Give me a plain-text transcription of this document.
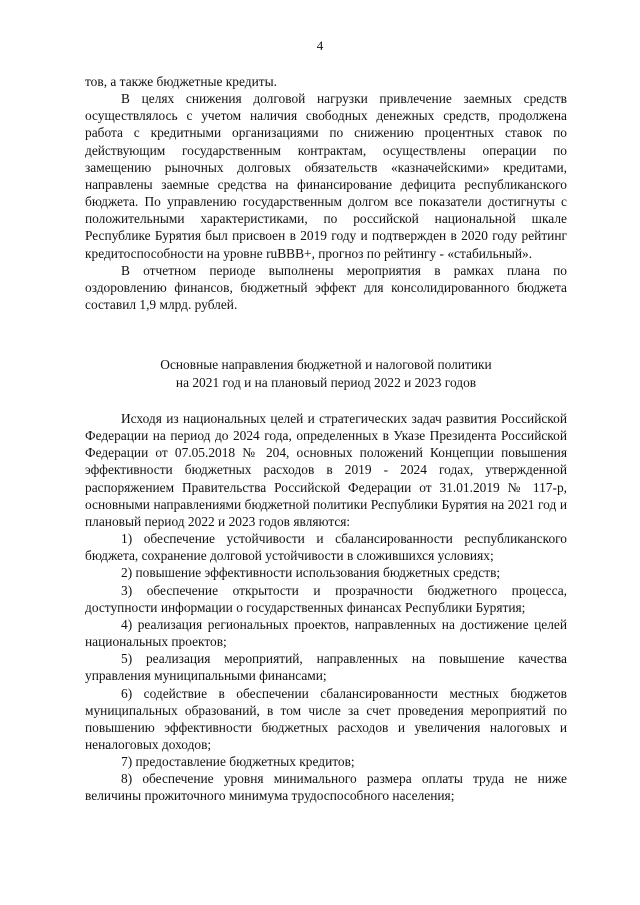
4

тов, а также бюджетные кредиты.

В целях снижения долговой нагрузки привлечение заемных средств осуществлялось с учетом наличия свободных денежных средств, продолжена работа с кредитными организациями по снижению процентных ставок по действующим государственным контрактам, осуществлены операции по замещению рыночных долговых обязательств «казначейскими» кредитами, направлены заемные средства на финансирование дефицита республиканского бюджета. По управлению государственным долгом все показатели достигнуты с положительными характеристиками, по российской национальной шкале Республике Бурятия был присвоен в 2019 году и подтвержден в 2020 году рейтинг кредитоспособности на уровне ruBBB+, прогноз по рейтингу - «стабильный».

В отчетном периоде выполнены мероприятия в рамках плана по оздоровлению финансов, бюджетный эффект для консолидированного бюджета составил 1,9 млрд. рублей.

Основные направления бюджетной и налоговой политики
на 2021 год и на плановый период 2022 и 2023 годов

Исходя из национальных целей и стратегических задач развития Российской Федерации на период до 2024 года, определенных в Указе Президента Российской Федерации от 07.05.2018 № 204, основных положений Концепции повышения эффективности бюджетных расходов в 2019 - 2024 годах, утвержденной распоряжением Правительства Российской Федерации от 31.01.2019 № 117-р, основными направлениями бюджетной политики Республики Бурятия на 2021 год и плановый период 2022 и 2023 годов являются:

1) обеспечение устойчивости и сбалансированности республиканского бюджета, сохранение долговой устойчивости в сложившихся условиях;

2) повышение эффективности использования бюджетных средств;

3) обеспечение открытости и прозрачности бюджетного процесса, доступности информации о государственных финансах Республики Бурятия;

4) реализация региональных проектов, направленных на достижение целей национальных проектов;

5) реализация мероприятий, направленных на повышение качества управления муниципальными финансами;

6) содействие в обеспечении сбалансированности местных бюджетов муниципальных образований, в том числе за счет проведения мероприятий по повышению эффективности бюджетных расходов и увеличения налоговых и неналоговых доходов;

7) предоставление бюджетных кредитов;

8) обеспечение уровня минимального размера оплаты труда не ниже величины прожиточного минимума трудоспособного населения;
